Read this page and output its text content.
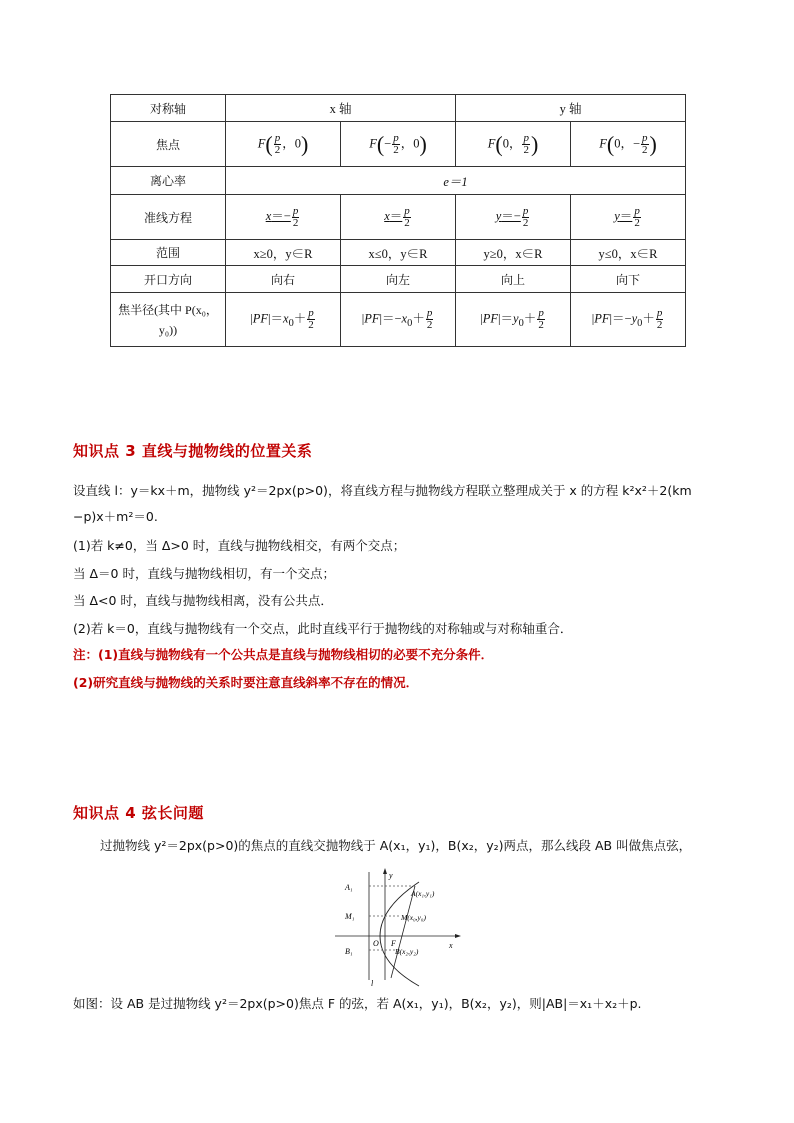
对称轴	x 轴		y 轴	
焦点	$F( \frac{p}{2}$ ，0)	$F(- \frac{p}{2}$ ，0)	F(0， $\frac{p}{2}$ )	F(0，− $\frac{p}{2}$ )
离心率	e＝1			
准线方程	$x=- \frac{p}{2}$	$x= \frac{p}{2}$	$y=- \frac{p}{2}$	$y= \frac{p}{2}$

范围	x≥0，y∈R	x≤0，y∈R	y≥0，x∈R	y≤0，x∈R
开口方向	向右	向左	向上	向下
焦半径(其中 P(x₀，
y₀))	$|PF|=x_0+ \frac{p}{2}$	$|PF|=-x_0+ \frac{p}{2}$	$|PF|=y_0+ \frac{p}{2}$	$|PF|=-y_0+ \frac{p}{2}$
知识点 3 直线与抛物线的位置关系
设直线 l：y＝kx＋m，抛物线 y²＝2px(p>0)，将直线方程与抛物线方程联立整理成关于 x 的方程 k²x²＋2(km
−p)x＋m²＝0.
(1)若 k≠0，当 Δ>0 时，直线与抛物线相交，有两个交点；
当 Δ＝0 时，直线与抛物线相切，有一个交点；
当 Δ<0 时，直线与抛物线相离，没有公共点．
(2)若 k＝0，直线与抛物线有一个交点，此时直线平行于抛物线的对称轴或与对称轴重合．
注：(1)直线与抛物线有一个公共点是直线与抛物线相切的必要不充分条件．
(2)研究直线与抛物线的关系时要注意直线斜率不存在的情况．
知识点 4 弦长问题
过抛物线 y²＝2px(p>0)的焦点的直线交抛物线于 A(x₁，y₁)，B(x₂，y₂)两点，那么线段 AB 叫做焦点弦，
y
x
O F
l
A₁
M₁
B₁
A(x₁,y₁)
M(x₀,y₀)
B(x₂,y₂)
如图：设 AB 是过抛物线 y²＝2px(p>0)焦点 F 的弦，若 A(x₁，y₁)，B(x₂，y₂)，则|AB|＝x₁＋x₂＋p.
